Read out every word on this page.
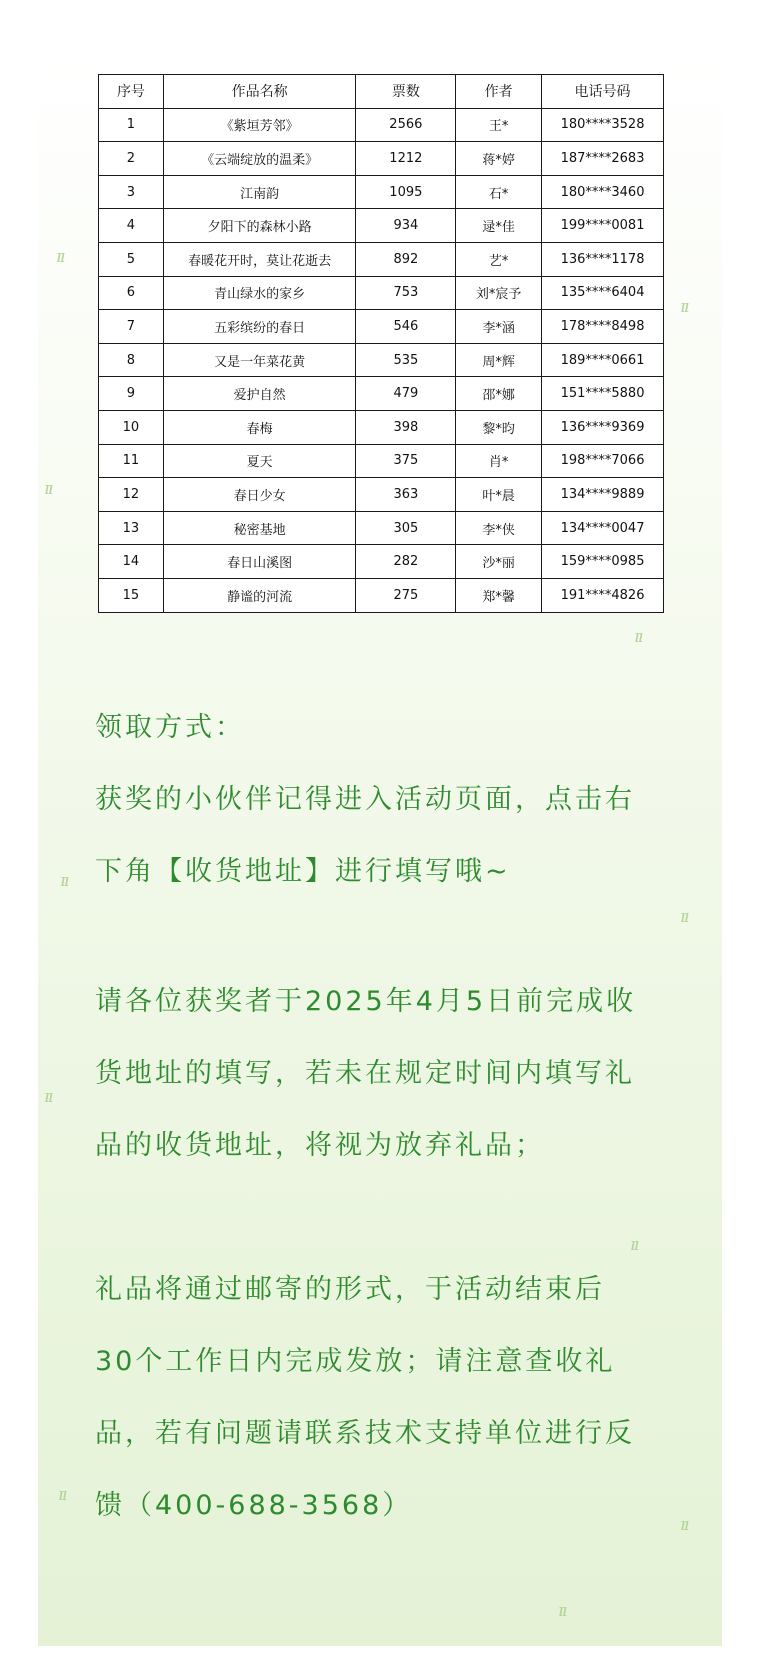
ıı
ıı
ıı
ıı
ıı
ıı
ıı
ıı
ıı
ıı
ıı
序号	作品名称	票数	作者	电话号码
1	《紫垣芳邻》	2566	王*	180****3528
2	《云端绽放的温柔》	1212	蒋*婷	187****2683
3	江南韵	1095	石*	180****3460
4	夕阳下的森林小路	934	逯*佳	199****0081
5	春暖花开时，莫让花逝去	892	艺*	136****1178
6	青山绿水的家乡	753	刘*宸予	135****6404
7	五彩缤纷的春日	546	李*涵	178****8498
8	又是一年菜花黄	535	周*辉	189****0661
9	爱护自然	479	邵*娜	151****5880
10	春梅	398	黎*昀	136****9369
11	夏天	375	肖*	198****7066
12	春日少女	363	叶*晨	134****9889
13	秘密基地	305	李*侠	134****0047
14	春日山溪图	282	沙*丽	159****0985
15	静谧的河流	275	郑*馨	191****4826

领取方式：

获奖的小伙伴记得进入活动页面，点击右

下角【收货地址】进行填写哦~

请各位获奖者于2025年4月5日前完成收

货地址的填写，若未在规定时间内填写礼

品的收货地址，将视为放弃礼品；

礼品将通过邮寄的形式，于活动结束后

30个工作日内完成发放；请注意查收礼

品，若有问题请联系技术支持单位进行反

馈（400-688-3568）
